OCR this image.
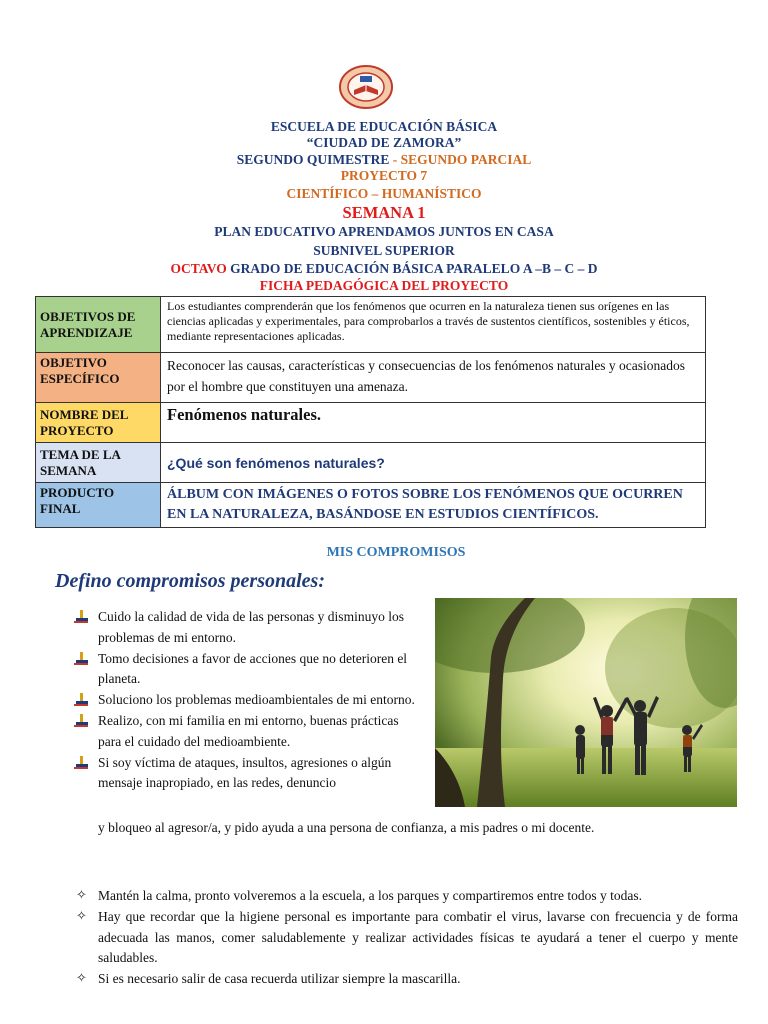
ESCUELA DE EDUCACIÓN BÁSICA
“CIUDAD DE ZAMORA”
SEGUNDO QUIMESTRE - SEGUNDO PARCIAL
PROYECTO 7
CIENTÍFICO – HUMANÍSTICO
SEMANA 1
PLAN EDUCATIVO APRENDAMOS JUNTOS EN CASA
SUBNIVEL SUPERIOR
OCTAVO GRADO DE EDUCACIÓN BÁSICA PARALELO A –B – C – D
FICHA PEDAGÓGICA DEL PROYECTO
OBJETIVOS DE APRENDIZAJE	Los estudiantes comprenderán que los fenómenos que ocurren en la naturaleza tienen sus orígenes en las ciencias aplicadas y experimentales, para comprobarlos a través de sustentos científicos, sostenibles y éticos, mediante representaciones aplicadas.
OBJETIVO ESPECÍFICO	Reconocer las causas, características y consecuencias de los fenómenos naturales y ocasionados por el hombre que constituyen una amenaza.
NOMBRE DEL PROYECTO	Fenómenos naturales.
TEMA DE LA SEMANA	¿Qué son fenómenos naturales?
PRODUCTO FINAL	ÁLBUM CON IMÁGENES O FOTOS SOBRE LOS FENÓMENOS QUE OCURREN EN LA NATURALEZA, BASÁNDOSE EN ESTUDIOS CIENTÍFICOS.
MIS COMPROMISOS
Defino compromisos personales:
Cuido la calidad de vida de las personas y disminuyo los problemas de mi entorno.
Tomo decisiones a favor de acciones que no deterioren el planeta.
Soluciono los problemas medioambientales de mi entorno.
Realizo, con mi familia en mi entorno, buenas prácticas para el cuidado del medioambiente.
Si soy víctima de ataques, insultos, agresiones o algún mensaje inapropiado, en las redes, denuncio
y bloqueo al agresor/a, y pido ayuda a una persona de confianza, a mis padres o mi docente.
✧ Mantén la calma, pronto volveremos a la escuela, a los parques y compartiremos entre todos y todas.
✧ Hay que recordar que la higiene personal es importante para combatir el virus, lavarse con frecuencia y de forma adecuada las manos, comer saludablemente y realizar actividades físicas te ayudará a tener el cuerpo y mente saludables.
✧ Si es necesario salir de casa recuerda utilizar siempre la mascarilla.
